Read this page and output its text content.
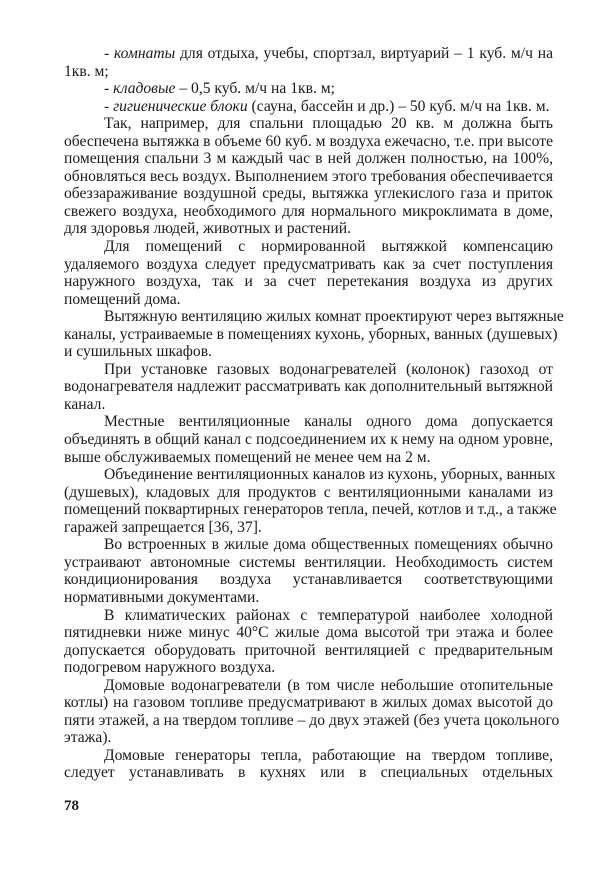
- комнаты для отдыха, учебы, спортзал, виртуарий – 1 куб. м/ч на
1кв. м;
- кладовые – 0,5 куб. м/ч на 1кв. м;
- гигиенические блоки (сауна, бассейн и др.) – 50 куб. м/ч на 1кв. м.
Так, например, для спальни площадью 20 кв. м должна быть
обеспечена вытяжка в объеме 60 куб. м воздуха ежечасно, т.е. при высоте
помещения спальни 3 м каждый час в ней должен полностью, на 100%,
обновляться весь воздух. Выполнением этого требования обеспечивается
обеззараживание воздушной среды, вытяжка углекислого газа и приток
свежего воздуха, необходимого для нормального микроклимата в доме,
для здоровья людей, животных и растений.
Для помещений с нормированной вытяжкой компенсацию
удаляемого воздуха следует предусматривать как за счет поступления
наружного воздуха, так и за счет перетекания воздуха из других
помещений дома.
Вытяжную вентиляцию жилых комнат проектируют через вытяжные
каналы, устраиваемые в помещениях кухонь, уборных, ванных (душевых)
и сушильных шкафов.
При установке газовых водонагревателей (колонок) газоход от
водонагревателя надлежит рассматривать как дополнительный вытяжной
канал.
Местные вентиляционные каналы одного дома допускается
объединять в общий канал с подсоединением их к нему на одном уровне,
выше обслуживаемых помещений не менее чем на 2 м.
Объединение вентиляционных каналов из кухонь, уборных, ванных
(душевых), кладовых для продуктов с вентиляционными каналами из
помещений поквартирных генераторов тепла, печей, котлов и т.д., а также
гаражей запрещается [36, 37].
Во встроенных в жилые дома общественных помещениях обычно
устраивают автономные системы вентиляции. Необходимость систем
кондиционирования воздуха устанавливается соответствующими
нормативными документами.
В климатических районах с температурой наиболее холодной
пятидневки ниже минус 40°С жилые дома высотой три этажа и более
допускается оборудовать приточной вентиляцией с предварительным
подогревом наружного воздуха.
Домовые водонагреватели (в том числе небольшие отопительные
котлы) на газовом топливе предусматривают в жилых домах высотой до
пяти этажей, а на твердом топливе – до двух этажей (без учета цокольного
этажа).
Домовые генераторы тепла, работающие на твердом топливе,
следует устанавливать в кухнях или в специальных отдельных
78
